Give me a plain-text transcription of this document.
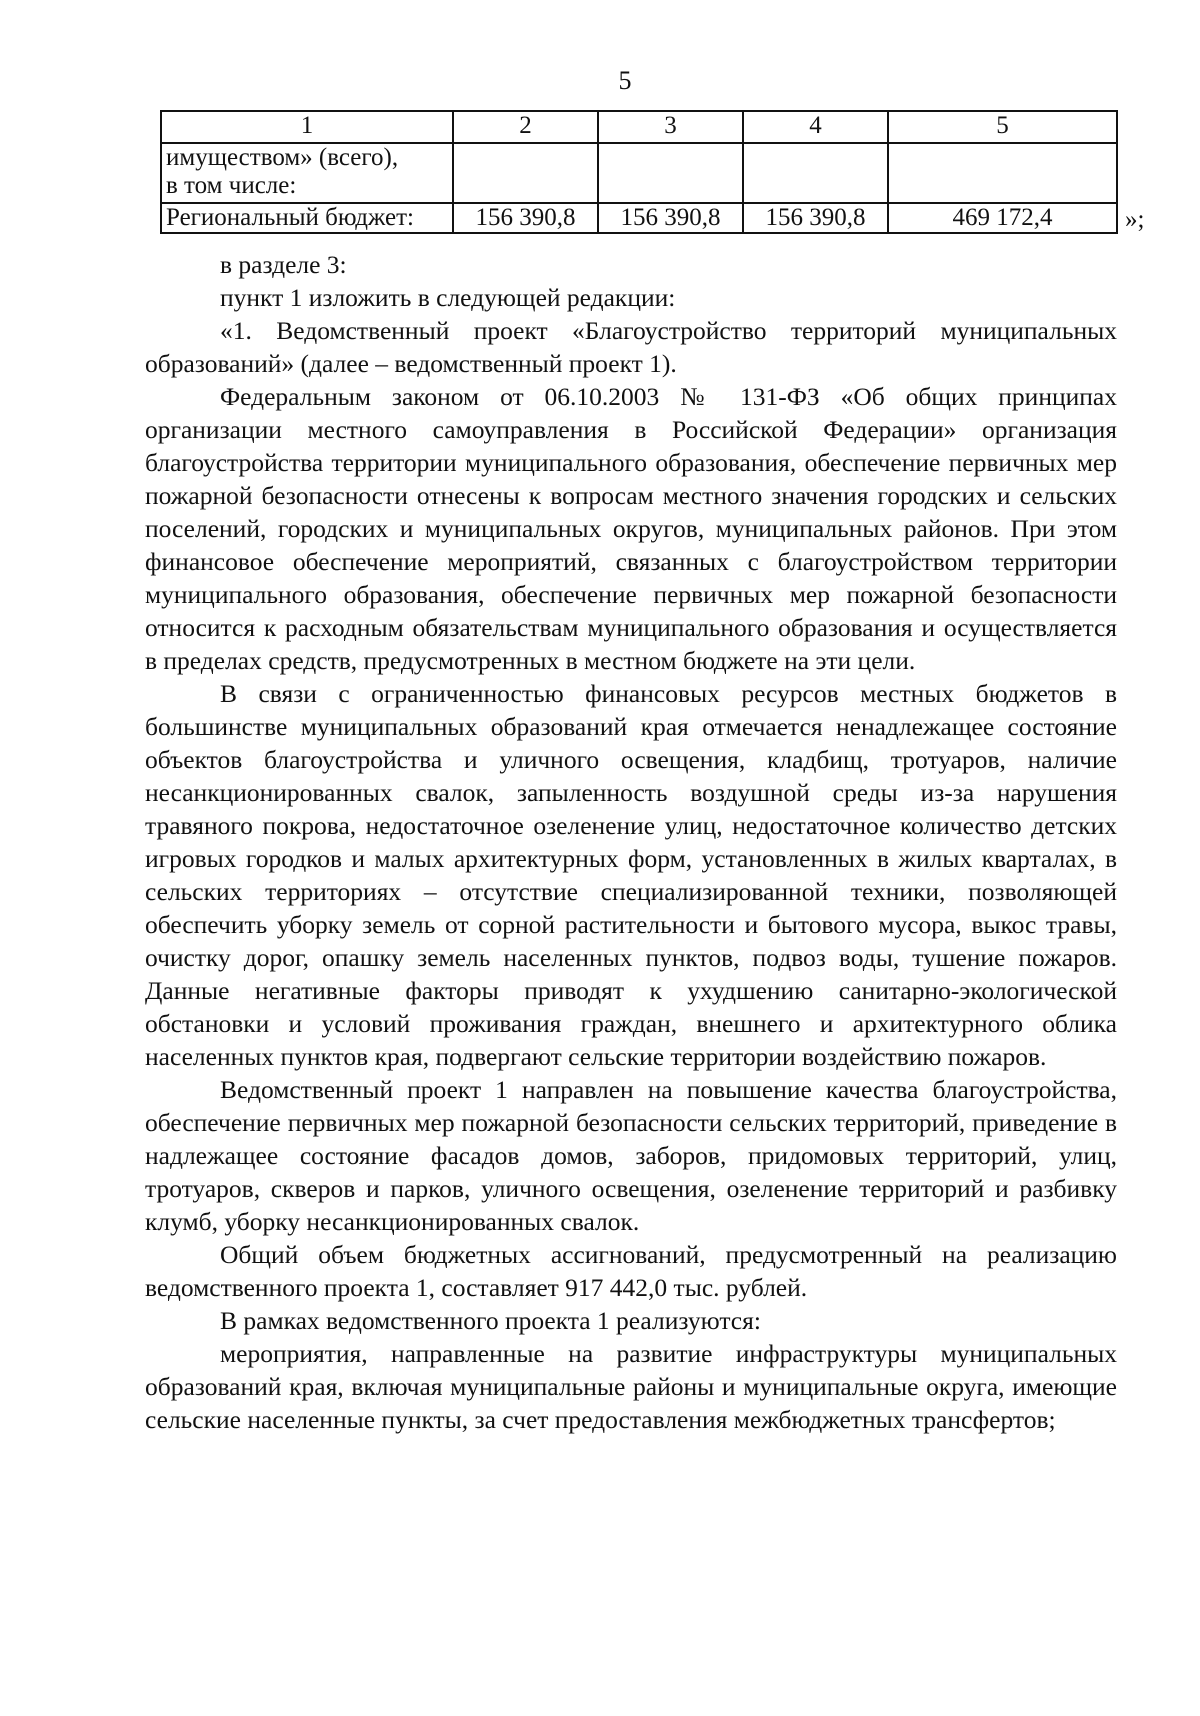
5
1	2	3	4	5
имуществом» (всего),
в том числе:				
Региональный бюджет:	156 390,8	156 390,8	156 390,8	469 172,4	»;

в разделе 3:

пункт 1 изложить в следующей редакции:

«1. Ведомственный проект «Благоустройство территорий муниципальных образований» (далее – ведомственный проект 1).

Федеральным законом от 06.10.2003 № 131-ФЗ «Об общих принципах организации местного самоуправления в Российской Федерации» организация благоустройства территории муниципального образования, обеспечение первичных мер пожарной безопасности отнесены к вопросам местного значения городских и сельских поселений, городских и муниципальных округов, муниципальных районов. При этом финансовое обеспечение мероприятий, связанных с благоустройством территории муниципального образования, обеспечение первичных мер пожарной безопасности относится к расходным обязательствам муниципального образования и осуществляется в пределах средств, предусмотренных в местном бюджете на эти цели.

В связи с ограниченностью финансовых ресурсов местных бюджетов в большинстве муниципальных образований края отмечается ненадлежащее состояние объектов благоустройства и уличного освещения, кладбищ, тротуаров, наличие несанкционированных свалок, запыленность воздушной среды из-за нарушения травяного покрова, недостаточное озеленение улиц, недостаточное количество детских игровых городков и малых архитектурных форм, установленных в жилых кварталах, в сельских территориях – отсутствие специализированной техники, позволяющей обеспечить уборку земель от сорной растительности и бытового мусора, выкос травы, очистку дорог, опашку земель населенных пунктов, подвоз воды, тушение пожаров. Данные негативные факторы приводят к ухудшению санитарно-экологической обстановки и условий проживания граждан, внешнего и архитектурного облика населенных пунктов края, подвергают сельские территории воздействию пожаров.

Ведомственный проект 1 направлен на повышение качества благоустройства, обеспечение первичных мер пожарной безопасности сельских территорий, приведение в надлежащее состояние фасадов домов, заборов, придомовых территорий, улиц, тротуаров, скверов и парков, уличного освещения, озеленение территорий и разбивку клумб, уборку несанкционированных свалок.

Общий объем бюджетных ассигнований, предусмотренный на реализацию ведомственного проекта 1, составляет 917 442,0 тыс. рублей.

В рамках ведомственного проекта 1 реализуются:

мероприятия, направленные на развитие инфраструктуры муниципальных образований края, включая муниципальные районы и муниципальные округа, имеющие сельские населенные пункты, за счет предоставления межбюджетных трансфертов;
